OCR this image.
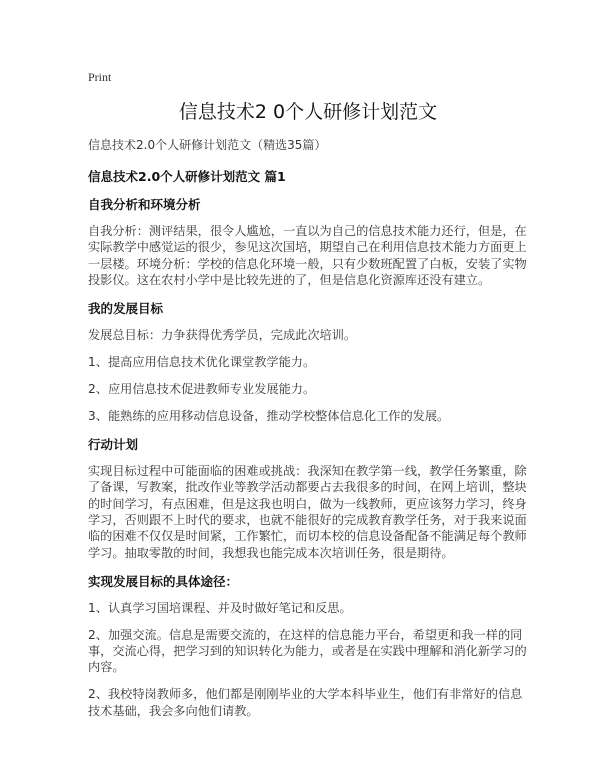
Print
信息技术2 0个人研修计划范文
信息技术2.0个人研修计划范文（精选35篇）
信息技术2.0个人研修计划范文 篇1
自我分析和环境分析

自我分析：测评结果，很令人尴尬，一直以为自己的信息技术能力还行，但是，在
实际教学中感觉运的很少，参见这次国培，期望自己在利用信息技术能力方面更上
一层楼。环境分析：学校的信息化环境一般，只有少数班配置了白板，安装了实物
投影仪。这在农村小学中是比较先进的了，但是信息化资源库还没有建立。

我的发展目标

发展总目标：力争获得优秀学员，完成此次培训。

1、提高应用信息技术优化课堂教学能力。

2、应用信息技术促进教师专业发展能力。

3、能熟练的应用移动信息设备，推动学校整体信息化工作的发展。

行动计划

实现目标过程中可能面临的困难或挑战：我深知在教学第一线，教学任务繁重，除
了备课，写教案，批改作业等教学活动都要占去我很多的时间，在网上培训，整块
的时间学习，有点困难，但是这我也明白，做为一线教师，更应该努力学习，终身
学习，否则跟不上时代的要求，也就不能很好的完成教育教学任务，对于我来说面
临的困难不仅仅是时间紧，工作繁忙，而切本校的信息设备配备不能满足每个教师
学习。抽取零散的时间，我想我也能完成本次培训任务，很是期待。

实现发展目标的具体途径：

1、认真学习国培课程、并及时做好笔记和反思。

2、加强交流。信息是需要交流的，在这样的信息能力平台，希望更和我一样的同
事，交流心得，把学习到的知识转化为能力，或者是在实践中理解和消化新学习的
内容。

2、我校特岗教师多，他们都是刚刚毕业的大学本科毕业生，他们有非常好的信息
技术基础，我会多向他们请教。
